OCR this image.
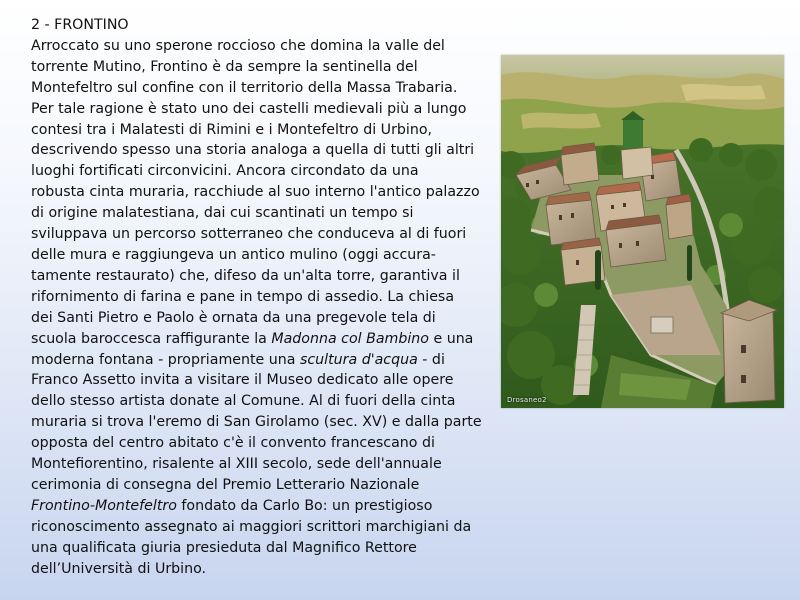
2 - FRONTINO
Arroccato su uno sperone roccioso che domina la valle del
torrente Mutino, Frontino è da sempre la sentinella del
Montefeltro sul confine con il territorio della Massa Trabaria.
Per tale ragione è stato uno dei castelli medievali più a lungo
contesi tra i Malatesti di Rimini e i Montefeltro di Urbino,
descrivendo spesso una storia analoga a quella di tutti gli altri
luoghi fortificati circonvicini. Ancora circondato da una
robusta cinta muraria, racchiude al suo interno l'antico palazzo
di origine malatestiana, dai cui scantinati un tempo si
sviluppava un percorso sotterraneo che conduceva al di fuori
delle mura e raggiungeva un antico mulino (oggi accura-
tamente restaurato) che, difeso da un'alta torre, garantiva il
rifornimento di farina e pane in tempo di assedio. La chiesa
dei Santi Pietro e Paolo è ornata da una pregevole tela di
scuola baroccesca raffigurante la Madonna col Bambino e una
moderna fontana - propriamente una scultura d'acqua - di
Franco Assetto invita a visitare il Museo dedicato alle opere
dello stesso artista donate al Comune. Al di fuori della cinta
muraria si trova l'eremo di San Girolamo (sec. XV) e dalla parte
opposta del centro abitato c'è il convento francescano di
Montefiorentino, risalente al XIII secolo, sede dell'annuale
cerimonia di consegna del Premio Letterario Nazionale
Frontino-Montefeltro fondato da Carlo Bo: un prestigioso
riconoscimento assegnato ai maggiori scrittori marchigiani da
una qualificata giuria presieduta dal Magnifico Rettore
dell’Università di Urbino.
Drosaneo2
